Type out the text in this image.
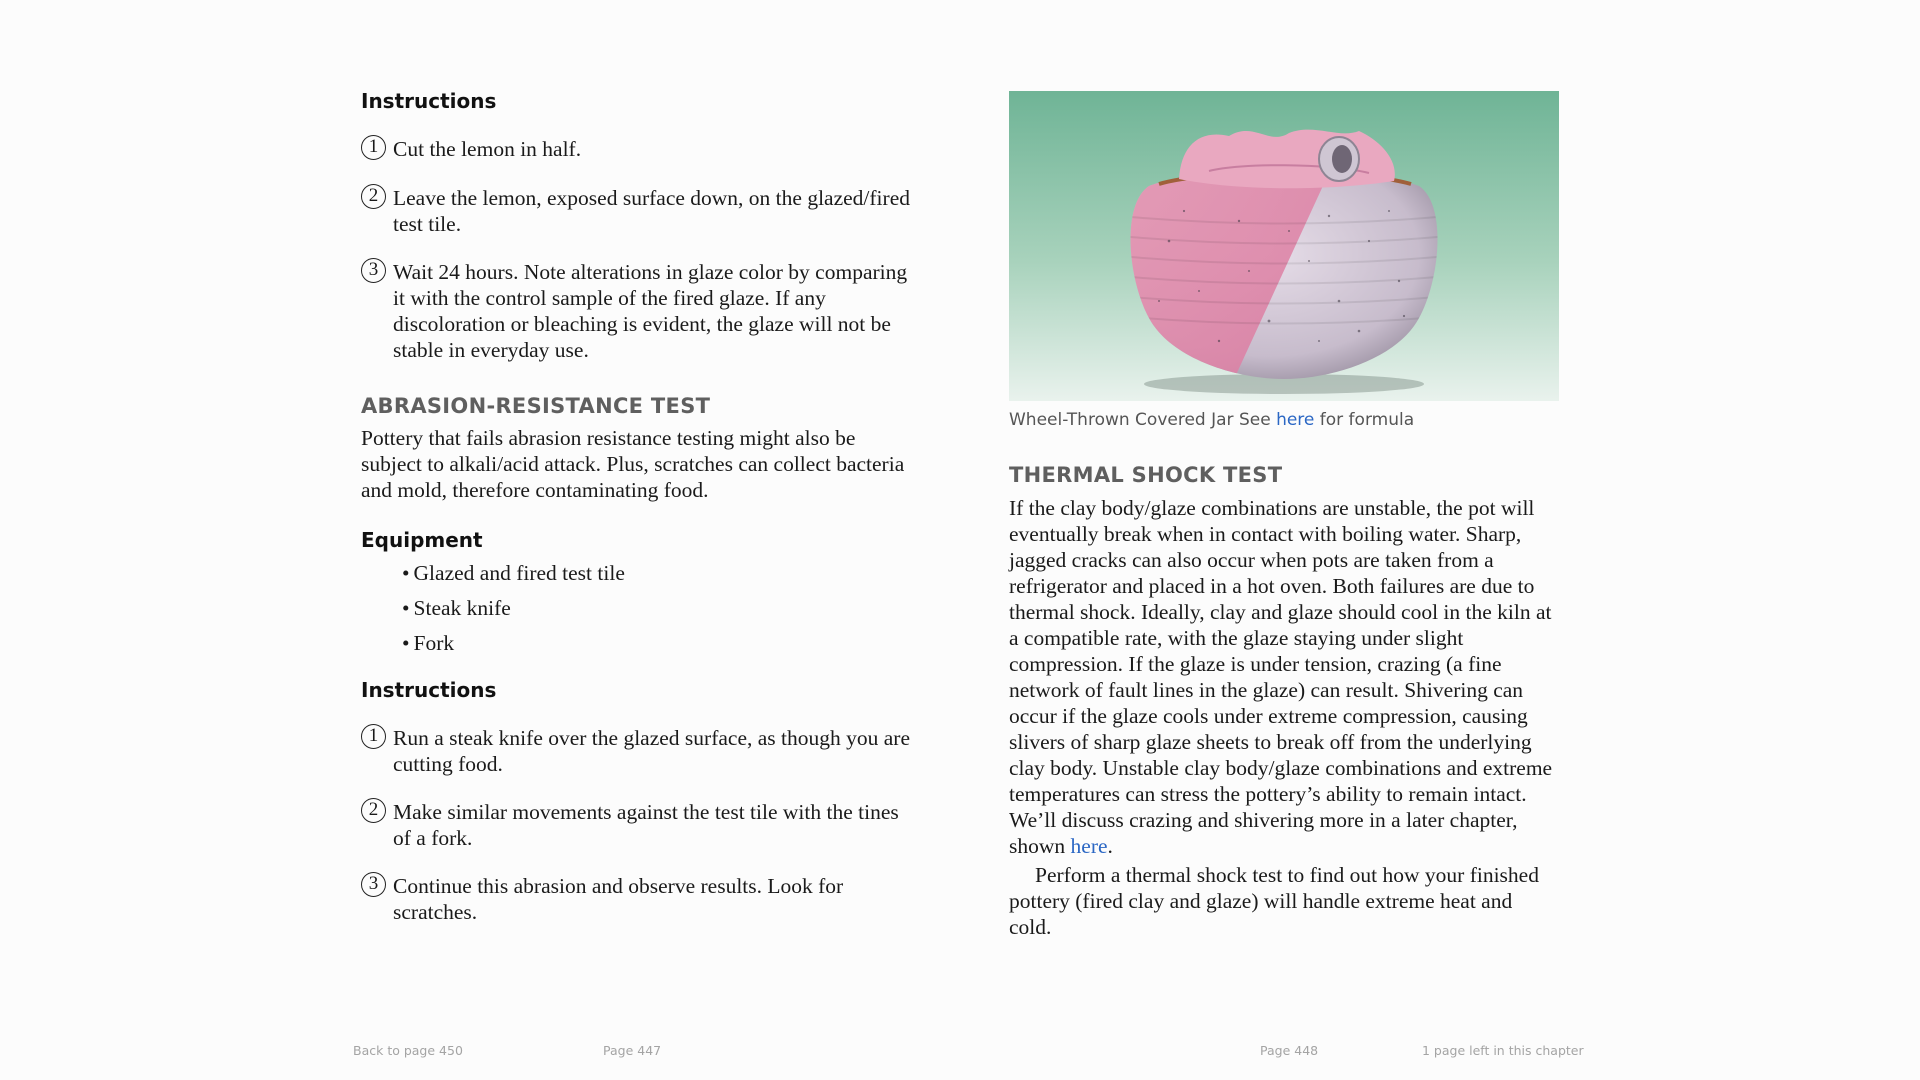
Instructions
1 Cut the lemon in half.
2 Leave the lemon, exposed surface down, on the glazed/fired test tile.
3 Wait 24 hours. Note alterations in glaze color by comparing it with the control sample of the fired glaze. If any discoloration or bleaching is evident, the glaze will not be stable in everyday use.
ABRASION-RESISTANCE TEST

Pottery that fails abrasion resistance testing might also be subject to alkali/acid attack. Plus, scratches can collect bacteria and mold, therefore contaminating food.

Equipment
• Glazed and fired test tile
• Steak knife
• Fork
Instructions
1 Run a steak knife over the glazed surface, as though you are cutting food.
2 Make similar movements against the test tile with the tines of a fork.
3 Continue this abrasion and observe results. Look for scratches.
Wheel-Thrown Covered Jar See here for formula
THERMAL SHOCK TEST

If the clay body/glaze combinations are unstable, the pot will eventually break when in contact with boiling water. Sharp, jagged cracks can also occur when pots are taken from a refrigerator and placed in a hot oven. Both failures are due to thermal shock. Ideally, clay and glaze should cool in the kiln at a compatible rate, with the glaze staying under slight compression. If the glaze is under tension, crazing (a fine network of fault lines in the glaze) can result. Shivering can occur if the glaze cools under extreme compression, causing slivers of sharp glaze sheets to break off from the underlying clay body. Unstable clay body/glaze combinations and extreme temperatures can stress the pottery’s ability to remain intact. We’ll discuss crazing and shivering more in a later chapter, shown here.

Perform a thermal shock test to find out how your finished pottery (fired clay and glaze) will handle extreme heat and cold.

Back to page 450	Page 447	Page 448	1 page left in this chapter
